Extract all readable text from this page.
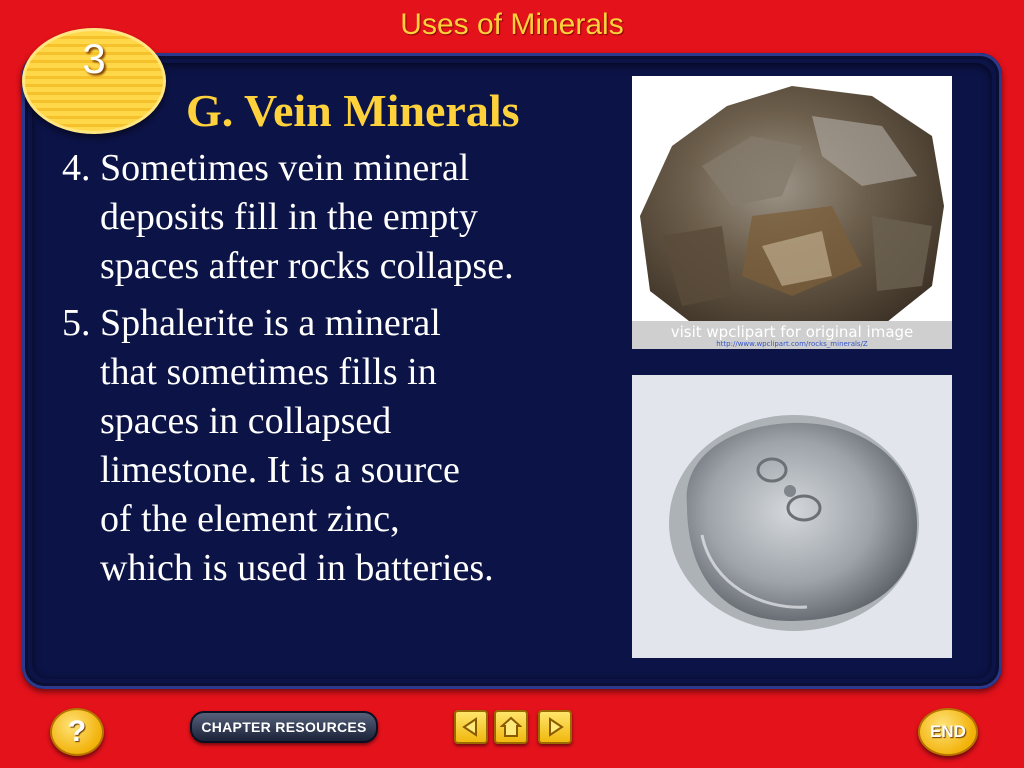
Uses of Minerals
3
G. Vein Minerals
4. Sometimes vein mineral
deposits fill in the empty
spaces after rocks collapse.
5. Sphalerite is a mineral
that sometimes fills in
spaces in collapsed
limestone. It is a source
of the element zinc,
which is used in batteries.
visit wpclipart for original image
http://www.wpclipart.com/rocks_minerals/Z
?	CHAPTER RESOURCES	END
